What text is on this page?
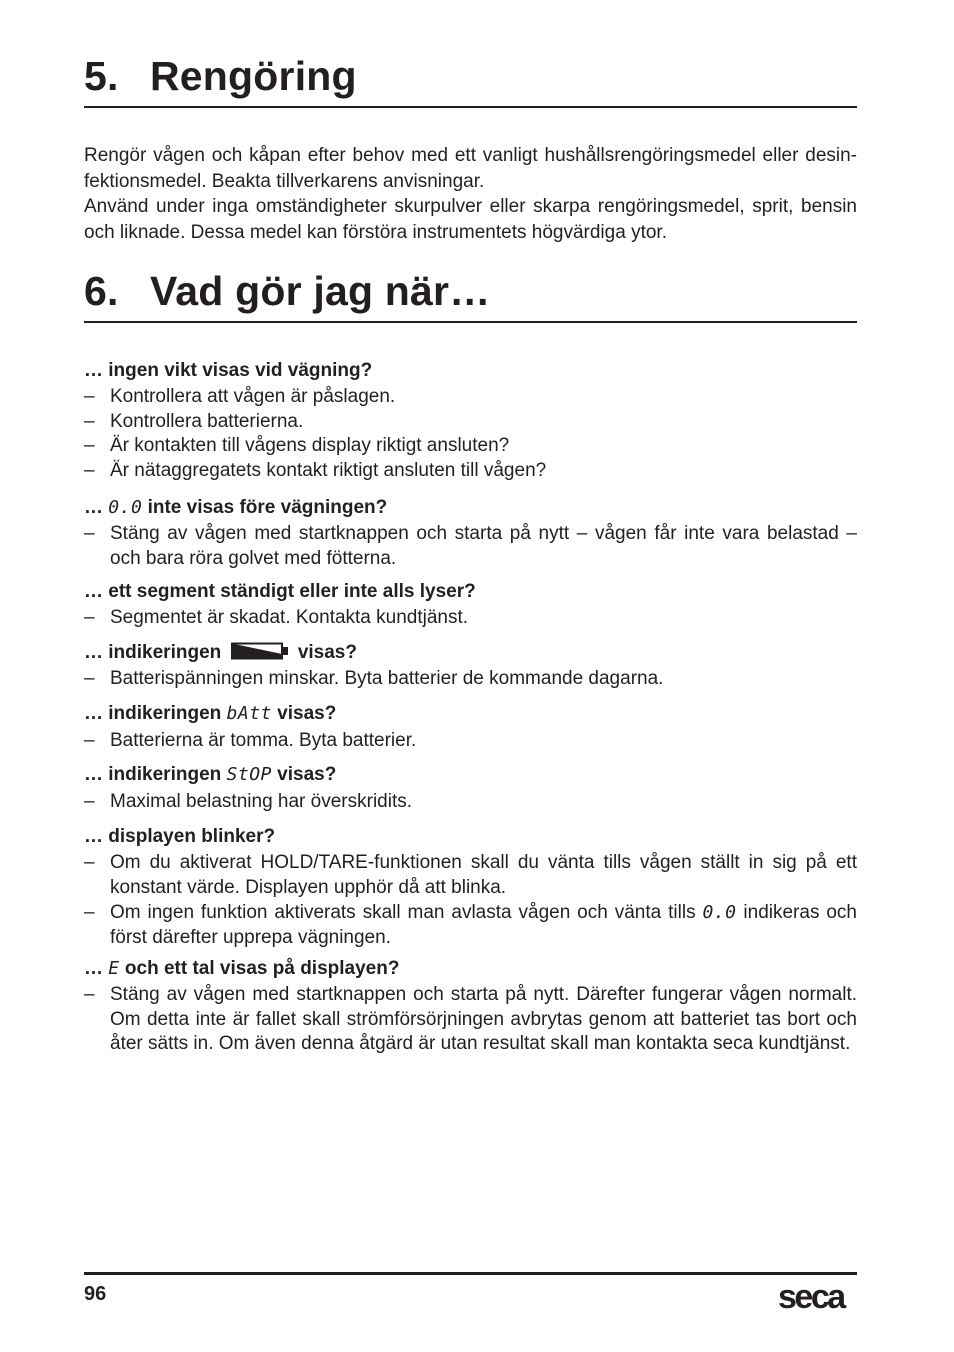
5. Rengöring

Rengör vågen och kåpan efter behov med ett vanligt hushållsrengöringsmedel eller desinfektionsmedel. Beakta tillverkarens anvisningar.

Använd under inga omständigheter skurpulver eller skarpa rengöringsmedel, sprit, bensin och liknade. Dessa medel kan förstöra instrumentets högvärdiga ytor.

6. Vad gör jag när…
… ingen vikt visas vid vägning?
– Kontrollera att vågen är påslagen.
– Kontrollera batterierna.
– Är kontakten till vågens display riktigt ansluten?
– Är nätaggregatets kontakt riktigt ansluten till vågen?
… 0.0 inte visas före vägningen?
– Stäng av vågen med startknappen och starta på nytt – vågen får inte vara belastad – och bara röra golvet med fötterna.
… ett segment ständigt eller inte alls lyser?
– Segmentet är skadat. Kontakta kundtjänst.
… indikeringen	visas?
– Batterispänningen minskar. Byta batterier de kommande dagarna.
… indikeringen bAtt visas?
– Batterierna är tomma. Byta batterier.
… indikeringen StOP visas?
– Maximal belastning har överskridits.
… displayen blinker?
– Om du aktiverat HOLD/TARE-funktionen skall du vänta tills vågen ställt in sig på ett konstant värde. Displayen upphör då att blinka.
– Om ingen funktion aktiverats skall man avlasta vågen och vänta tills 0.0 indikeras och först därefter upprepa vägningen.
… E och ett tal visas på displayen?
– Stäng av vågen med startknappen och starta på nytt. Därefter fungerar vågen normalt. Om detta inte är fallet skall strömförsörjningen avbrytas genom att batteriet tas bort och åter sätts in. Om även denna åtgärd är utan resultat skall man kontakta seca kundtjänst.
96	seca
